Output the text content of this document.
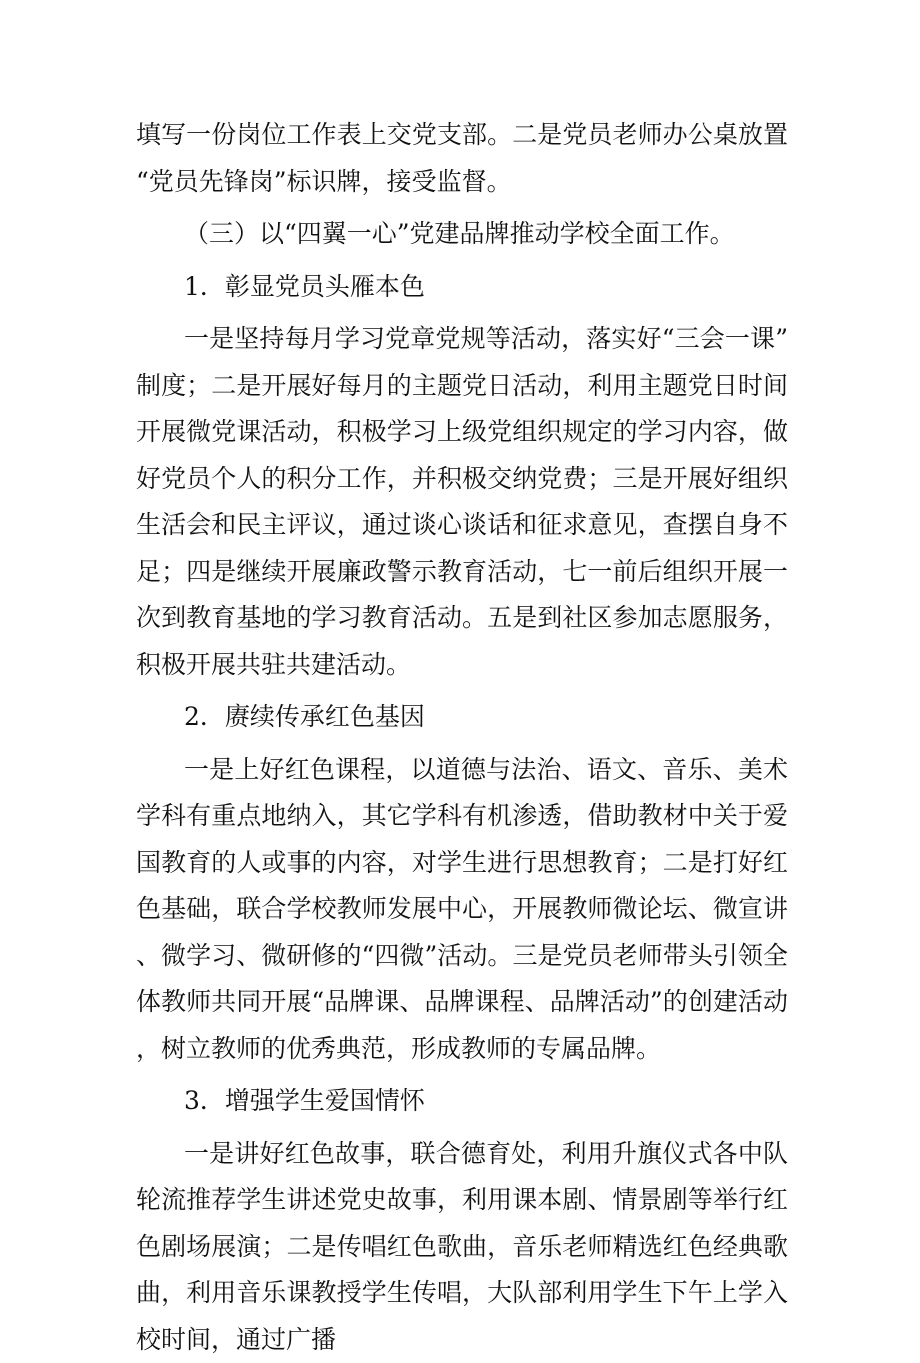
填写一份岗位工作表上交党支部。二是党员老师办公桌放置“党员先锋岗”标识牌，接受监督。

（三）以“四翼一心”党建品牌推动学校全面工作。

1．彰显党员头雁本色

一是坚持每月学习党章党规等活动，落实好“三会一课”制度；二是开展好每月的主题党日活动，利用主题党日时间开展微党课活动，积极学习上级党组织规定的学习内容，做好党员个人的积分工作，并积极交纳党费；三是开展好组织生活会和民主评议，通过谈心谈话和征求意见，查摆自身不足；四是继续开展廉政警示教育活动，七一前后组织开展一次到教育基地的学习教育活动。五是到社区参加志愿服务，积极开展共驻共建活动。

2．赓续传承红色基因

一是上好红色课程，以道德与法治、语文、音乐、美术学科有重点地纳入，其它学科有机渗透，借助教材中关于爱国教育的人或事的内容，对学生进行思想教育；二是打好红色基础，联合学校教师发展中心，开展教师微论坛、微宣讲、微学习、微研修的“四微”活动。三是党员老师带头引领全体教师共同开展“品牌课、品牌课程、品牌活动”的创建活动，树立教师的优秀典范，形成教师的专属品牌。

3．增强学生爱国情怀

一是讲好红色故事，联合德育处，利用升旗仪式各中队轮流推荐学生讲述党史故事，利用课本剧、情景剧等举行红色剧场展演；二是传唱红色歌曲，音乐老师精选红色经典歌曲，利用音乐课教授学生传唱，大队部利用学生下午上学入校时间，通过广播
